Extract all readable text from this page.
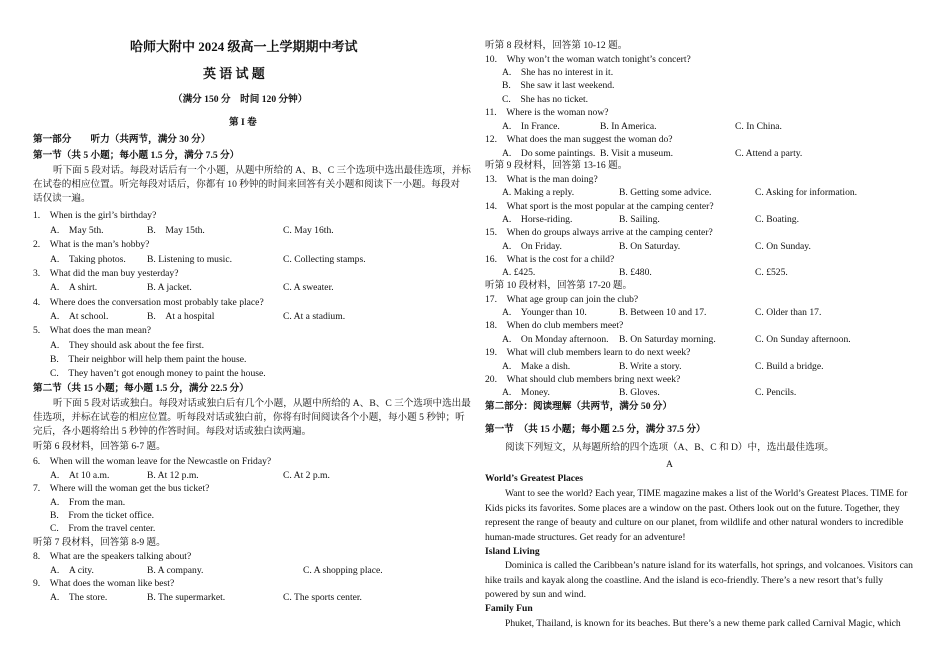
哈师大附中 2024 级高一上学期期中考试
英 语 试 题
（满分 150 分　时间 120 分钟）
第 I 卷
第一部分　　听力（共两节，满分 30 分）
第一节（共 5 小题；每小题 1.5 分，满分 7.5 分）
听下面 5 段对话。每段对话后有一个小题，从题中所给的 A、B、C 三个选项中选出最佳选项，并标
在试卷的相应位置。听完每段对话后，你都有 10 秒钟的时间来回答有关小题和阅读下一小题。每段对
话仅读一遍。
1.　When is the girl’s birthday?
A.　May 5th.	B.　May 15th.	C. May 16th.
2.　What is the man’s hobby?
A.　Taking photos. B. Listening to music.	C. Collecting stamps.
3.　What did the man buy yesterday?
A.　A shirt.	B. A jacket.	C. A sweater.
4.　Where does the conversation most probably take place?
A.　At school.	B.　At a hospital	C. At a stadium.
5.　What does the man mean?
A.　They should ask about the fee first.
B.　Their neighbor will help them paint the house.
C.　They haven’t got enough money to paint the house.
第二节（共 15 小题；每小题 1.5 分，满分 22.5 分）
听下面 5 段对话或独白。每段对话或独白后有几个小题，从题中所给的 A、B、C 三个选项中选出最
佳选项，并标在试卷的相应位置。听每段对话或独白前，你将有时间阅读各个小题，每小题 5 秒钟；听
完后，各小题将给出 5 秒钟的作答时间。每段对话或独白读两遍。
听第 6 段材料，回答第 6-7 题。
6.　When will the woman leave for the Newcastle on Friday?
A.　At 10 a.m.	B. At 12 p.m.	C. At 2 p.m.
7.　Where will the woman get the bus ticket?
A.　From the man.
B.　From the ticket office.
C.　From the travel center.
听第 7 段材料，回答第 8-9 题。
8.　What are the speakers talking about?
A.　A city.	B. A company.	C. A shopping place.
9.　What does the woman like best?
A.　The store.	B. The supermarket.	C. The sports center.
听第 8 段材料，回答第 10-12 题。
10.　Why won’t the woman watch tonight’s concert?
A.　She has no interest in it.
B.　She saw it last weekend.
C.　She has no ticket.
11.　Where is the woman now?
A.　In France.	B. In America.	C. In China.
12.　What does the man suggest the woman do?
A.　Do some paintings. B. Visit a museum.	C. Attend a party.
听第 9 段材料，回答第 13-16 题。
13.　What is the man doing?
A. Making a reply.	B. Getting some advice.	C. Asking for information.
14.　What sport is the most popular at the camping center?
A.　Horse-riding.	B. Sailing.	C. Boating.
15.　When do groups always arrive at the camping center?
A.　On Friday.	B. On Saturday.	C. On Sunday.
16.　What is the cost for a child?
A. £425.	B. £480.	C. £525.
听第 10 段材料，回答第 17-20 题。
17.　What age group can join the club?
A.　Younger than 10.	B. Between 10 and 17.	C. Older than 17.
18.　When do club members meet?
A.　On Monday afternoon. B. On Saturday morning.	C. On Sunday afternoon.
19.　What will club members learn to do next week?
A.　Make a dish.	B. Write a story.	C. Build a bridge.
20.　What should club members bring next week?
A.　Money.	B. Gloves.	C. Pencils.
第二部分：阅读理解（共两节，满分 50 分）
第一节　（共 15 小题；每小题 2.5 分，满分 37.5 分）
阅读下列短文，从每题所给的四个选项（A、B、C 和 D）中，选出最佳选项。
A
World’s Greatest Places
Want to see the world? Each year, TIME magazine makes a list of the World’s Greatest Places. TIME for
Kids picks its favorites. Some places are a window on the past. Others look out on the future. Together, they
represent the range of beauty and culture on our planet, from wildlife and other natural wonders to incredible
human-made structures. Get ready for an adventure!
Island Living
Dominica is called the Caribbean’s nature island for its waterfalls, hot springs, and volcanoes. Visitors can
hike trails and kayak along the coastline. And the island is eco-friendly. There’s a new resort that’s fully
powered by sun and wind.
Family Fun
Phuket, Thailand, is known for its beaches. But there’s a new theme park called Carnival Magic, which
